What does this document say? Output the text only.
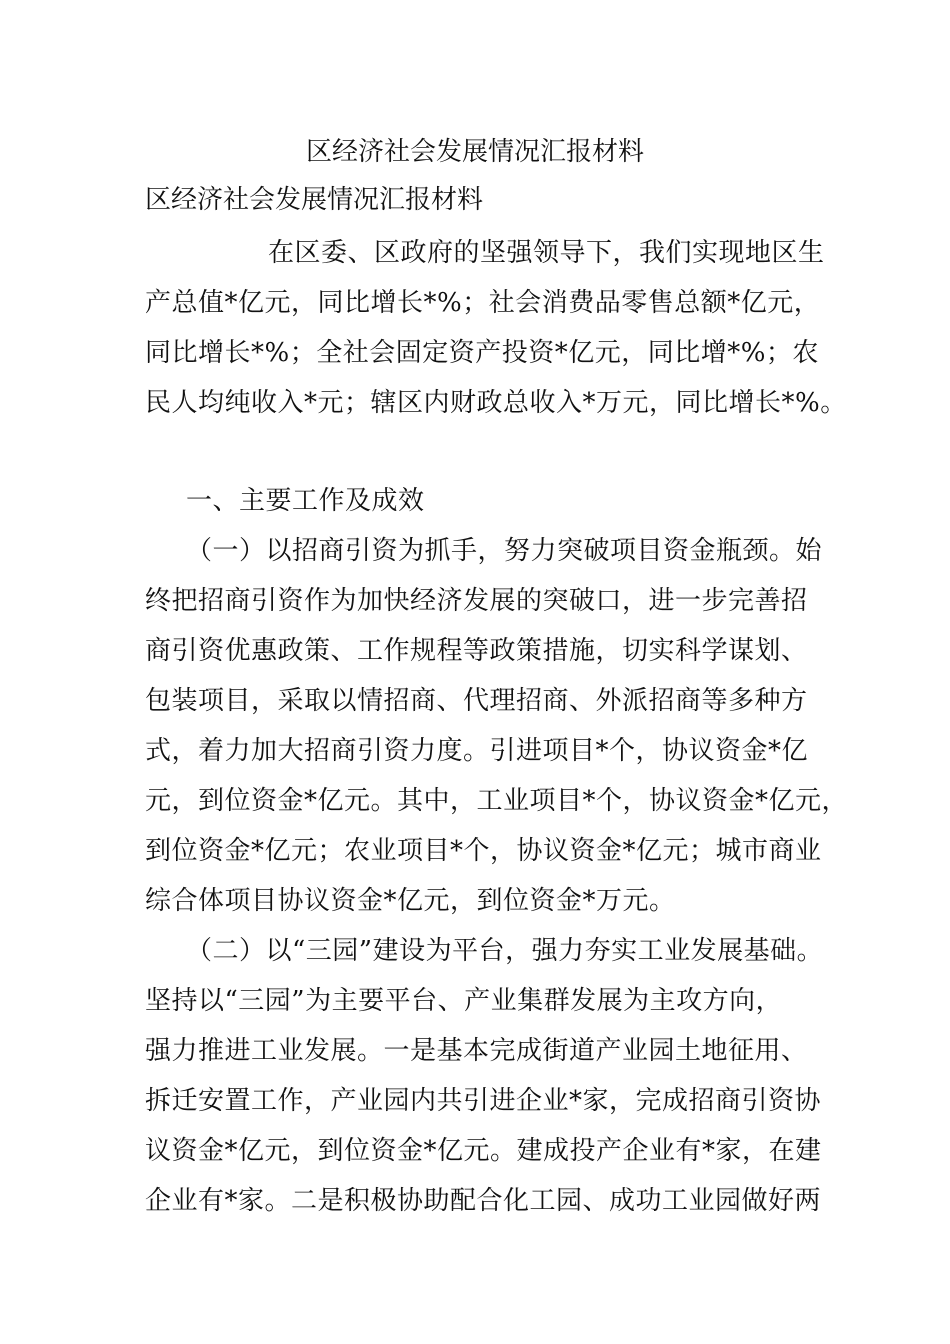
区经济社会发展情况汇报材料
区经济社会发展情况汇报材料
在区委、区政府的坚强领导下，我们实现地区生
产总值*亿元，同比增长*%；社会消费品零售总额*亿元，
同比增长*%；全社会固定资产投资*亿元，同比增*%；农
民人均纯收入*元；辖区内财政总收入*万元，同比增长*%。
一、主要工作及成效
（一）以招商引资为抓手，努力突破项目资金瓶颈。始
终把招商引资作为加快经济发展的突破口，进一步完善招
商引资优惠政策、工作规程等政策措施，切实科学谋划、
包装项目，采取以情招商、代理招商、外派招商等多种方
式，着力加大招商引资力度。引进项目*个，协议资金*亿
元，到位资金*亿元。其中，工业项目*个，协议资金*亿元，
到位资金*亿元；农业项目*个，协议资金*亿元；城市商业
综合体项目协议资金*亿元，到位资金*万元。
（二）以“三园”建设为平台，强力夯实工业发展基础。
坚持以“三园”为主要平台、产业集群发展为主攻方向，
强力推进工业发展。一是基本完成街道产业园土地征用、
拆迁安置工作，产业园内共引进企业*家，完成招商引资协
议资金*亿元，到位资金*亿元。建成投产企业有*家，在建
企业有*家。二是积极协助配合化工园、成功工业园做好两
